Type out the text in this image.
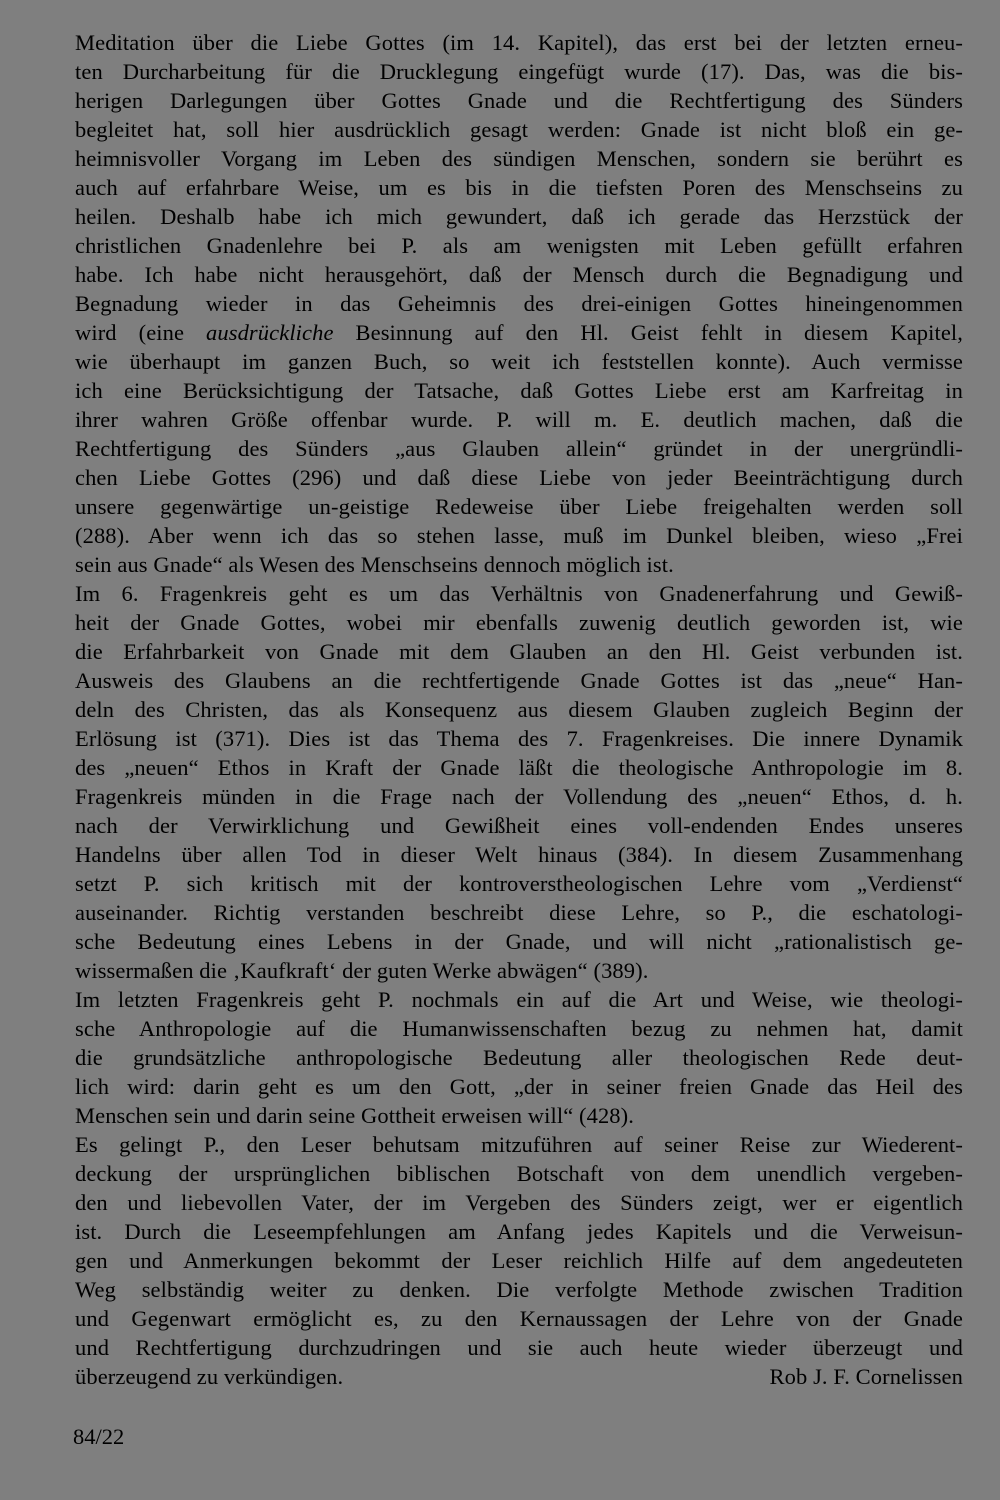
Meditation über die Liebe Gottes (im 14. Kapitel), das erst bei der letzten erneu-
ten Durcharbeitung für die Drucklegung eingefügt wurde (17). Das, was die bis-
herigen Darlegungen über Gottes Gnade und die Rechtfertigung des Sünders
begleitet hat, soll hier ausdrücklich gesagt werden: Gnade ist nicht bloß ein ge-
heimnisvoller Vorgang im Leben des sündigen Menschen, sondern sie berührt es
auch auf erfahrbare Weise, um es bis in die tiefsten Poren des Menschseins zu
heilen. Deshalb habe ich mich gewundert, daß ich gerade das Herzstück der
christlichen Gnadenlehre bei P. als am wenigsten mit Leben gefüllt erfahren
habe. Ich habe nicht herausgehört, daß der Mensch durch die Begnadigung und
Begnadung wieder in das Geheimnis des drei-einigen Gottes hineingenommen
wird (eine ausdrückliche Besinnung auf den Hl. Geist fehlt in diesem Kapitel,
wie überhaupt im ganzen Buch, so weit ich feststellen konnte). Auch vermisse
ich eine Berücksichtigung der Tatsache, daß Gottes Liebe erst am Karfreitag in
ihrer wahren Größe offenbar wurde. P. will m. E. deutlich machen, daß die
Rechtfertigung des Sünders „aus Glauben allein“ gründet in der unergründli-
chen Liebe Gottes (296) und daß diese Liebe von jeder Beeinträchtigung durch
unsere gegenwärtige un-geistige Redeweise über Liebe freigehalten werden soll
(288). Aber wenn ich das so stehen lasse, muß im Dunkel bleiben, wieso „Frei
sein aus Gnade“ als Wesen des Menschseins dennoch möglich ist.
Im 6. Fragenkreis geht es um das Verhältnis von Gnadenerfahrung und Gewiß-
heit der Gnade Gottes, wobei mir ebenfalls zuwenig deutlich geworden ist, wie
die Erfahrbarkeit von Gnade mit dem Glauben an den Hl. Geist verbunden ist.
Ausweis des Glaubens an die rechtfertigende Gnade Gottes ist das „neue“ Han-
deln des Christen, das als Konsequenz aus diesem Glauben zugleich Beginn der
Erlösung ist (371). Dies ist das Thema des 7. Fragenkreises. Die innere Dynamik
des „neuen“ Ethos in Kraft der Gnade läßt die theologische Anthropologie im 8.
Fragenkreis münden in die Frage nach der Vollendung des „neuen“ Ethos, d. h.
nach der Verwirklichung und Gewißheit eines voll-endenden Endes unseres
Handelns über allen Tod in dieser Welt hinaus (384). In diesem Zusammenhang
setzt P. sich kritisch mit der kontroverstheologischen Lehre vom „Verdienst“
auseinander. Richtig verstanden beschreibt diese Lehre, so P., die eschatologi-
sche Bedeutung eines Lebens in der Gnade, und will nicht „rationalistisch ge-
wissermaßen die ‚Kaufkraft‘ der guten Werke abwägen“ (389).
Im letzten Fragenkreis geht P. nochmals ein auf die Art und Weise, wie theologi-
sche Anthropologie auf die Humanwissenschaften bezug zu nehmen hat, damit
die grundsätzliche anthropologische Bedeutung aller theologischen Rede deut-
lich wird: darin geht es um den Gott, „der in seiner freien Gnade das Heil des
Menschen sein und darin seine Gottheit erweisen will“ (428).
Es gelingt P., den Leser behutsam mitzuführen auf seiner Reise zur Wiederent-
deckung der ursprünglichen biblischen Botschaft von dem unendlich vergeben-
den und liebevollen Vater, der im Vergeben des Sünders zeigt, wer er eigentlich
ist. Durch die Leseempfehlungen am Anfang jedes Kapitels und die Verweisun-
gen und Anmerkungen bekommt der Leser reichlich Hilfe auf dem angedeuteten
Weg selbständig weiter zu denken. Die verfolgte Methode zwischen Tradition
und Gegenwart ermöglicht es, zu den Kernaussagen der Lehre von der Gnade
und Rechtfertigung durchzudringen und sie auch heute wieder überzeugt und
überzeugend zu verkündigen.	Rob J. F. Cornelissen
84/22
